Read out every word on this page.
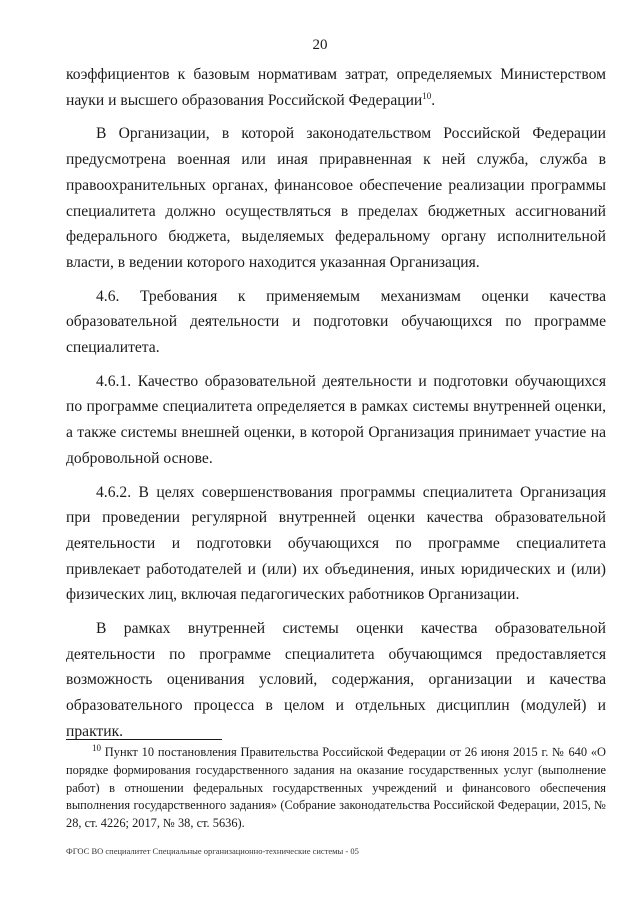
20

коэффициентов к базовым нормативам затрат, определяемых Министерством науки и высшего образования Российской Федерации$^{10}$.

В Организации, в которой законодательством Российской Федерации предусмотрена военная или иная приравненная к ней служба, служба в правоохранительных органах, финансовое обеспечение реализации программы специалитета должно осуществляться в пределах бюджетных ассигнований федерального бюджета, выделяемых федеральному органу исполнительной власти, в ведении которого находится указанная Организация.

4.6. Требования к применяемым механизмам оценки качества образовательной деятельности и подготовки обучающихся по программе специалитета.

4.6.1. Качество образовательной деятельности и подготовки обучающихся по программе специалитета определяется в рамках системы внутренней оценки, а также системы внешней оценки, в которой Организация принимает участие на добровольной основе.

4.6.2. В целях совершенствования программы специалитета Организация при проведении регулярной внутренней оценки качества образовательной деятельности и подготовки обучающихся по программе специалитета привлекает работодателей и (или) их объединения, иных юридических и (или) физических лиц, включая педагогических работников Организации.

В рамках внутренней системы оценки качества образовательной деятельности по программе специалитета обучающимся предоставляется возможность оценивания условий, содержания, организации и качества образовательного процесса в целом и отдельных дисциплин (модулей) и практик.

$^{10}$ Пункт 10 постановления Правительства Российской Федерации от 26 июня 2015 г. № 640 «О порядке формирования государственного задания на оказание государственных услуг (выполнение работ) в отношении федеральных государственных учреждений и финансового обеспечения выполнения государственного задания» (Собрание законодательства Российской Федерации, 2015, № 28, ст. 4226; 2017, № 38, ст. 5636).
ФГОС ВО специалитет Специальные организационно-технические системы - 05
